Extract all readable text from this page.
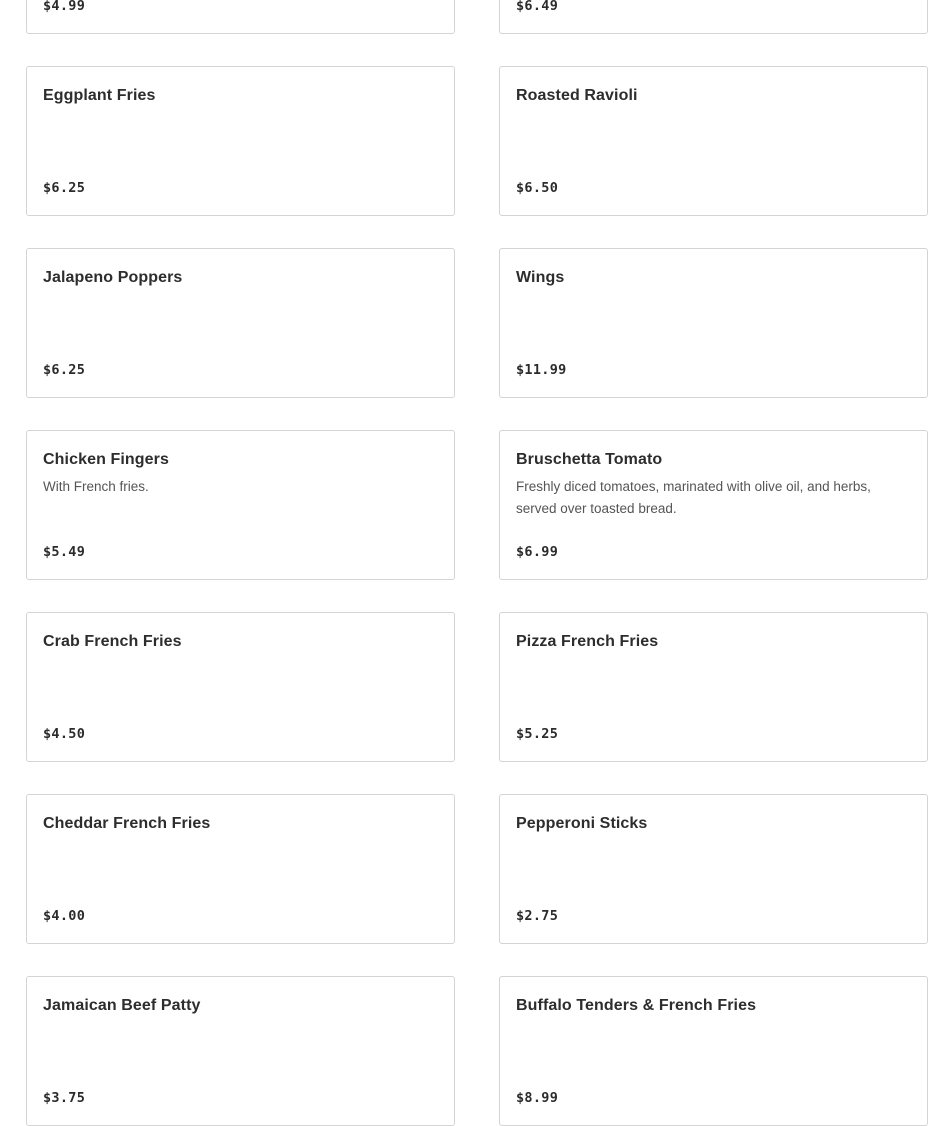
$4.99	$6.49
Eggplant Fries
$6.25
Roasted Ravioli
$6.50
Jalapeno Poppers
$6.25
Wings
$11.99
Chicken Fingers
With French fries.
$5.49
Bruschetta Tomato
Freshly diced tomatoes, marinated with olive oil, and herbs, served over toasted bread.
$6.99
Crab French Fries
$4.50
Pizza French Fries
$5.25
Cheddar French Fries
$4.00
Pepperoni Sticks
$2.75
Jamaican Beef Patty
$3.75
Buffalo Tenders & French Fries
$8.99
